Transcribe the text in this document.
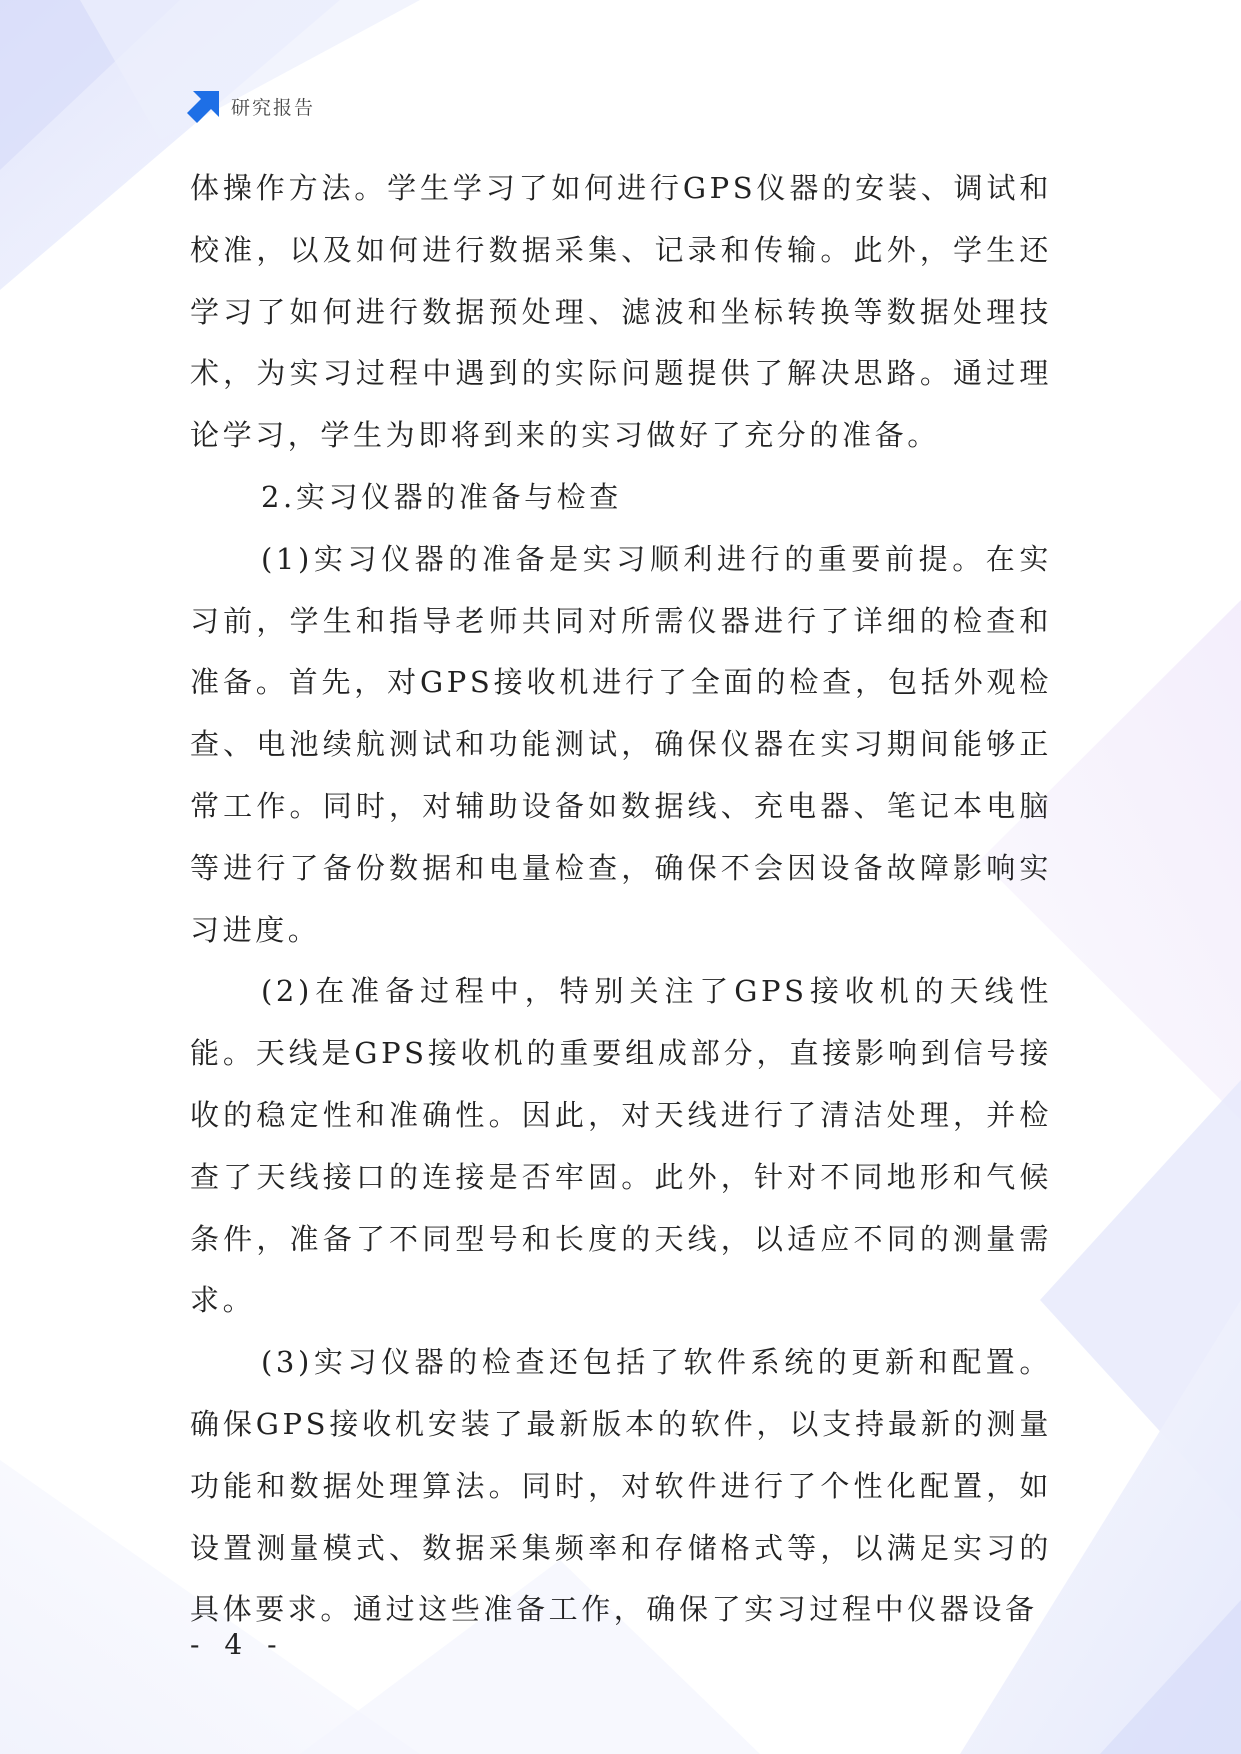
研究报告

体操作方法。学生学习了如何进行GPS仪器的安装、调试和校准，以及如何进行数据采集、记录和传输。此外，学生还学习了如何进行数据预处理、滤波和坐标转换等数据处理技术，为实习过程中遇到的实际问题提供了解决思路。通过理论学习，学生为即将到来的实习做好了充分的准备。

2.实习仪器的准备与检查

(1)实习仪器的准备是实习顺利进行的重要前提。在实习前，学生和指导老师共同对所需仪器进行了详细的检查和准备。首先，对GPS接收机进行了全面的检查，包括外观检查、电池续航测试和功能测试，确保仪器在实习期间能够正常工作。同时，对辅助设备如数据线、充电器、笔记本电脑等进行了备份数据和电量检查，确保不会因设备故障影响实习进度。

(2)在准备过程中，特别关注了GPS接收机的天线性能。天线是GPS接收机的重要组成部分，直接影响到信号接收的稳定性和准确性。因此，对天线进行了清洁处理，并检查了天线接口的连接是否牢固。此外，针对不同地形和气候条件，准备了不同型号和长度的天线，以适应不同的测量需求。

(3)实习仪器的检查还包括了软件系统的更新和配置。确保GPS接收机安装了最新版本的软件，以支持最新的测量功能和数据处理算法。同时，对软件进行了个性化配置，如设置测量模式、数据采集频率和存储格式等，以满足实习的具体要求。通过这些准备工作，确保了实习过程中仪器设备

- 4 -
